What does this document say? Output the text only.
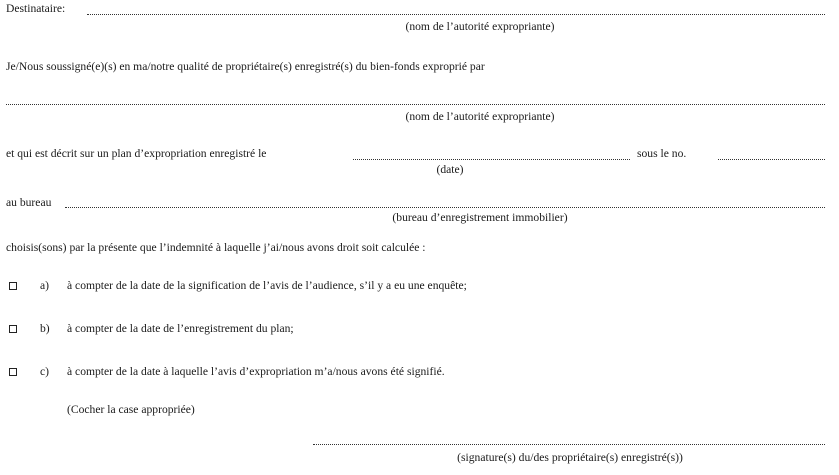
Destinataire:
(nom de l’autorité expropriante)
Je/Nous soussigné(e)(s) en ma/notre qualité de propriétaire(s) enregistré(s) du bien-fonds exproprié par
(nom de l’autorité expropriante)
et qui est décrit sur un plan d’expropriation enregistré le	sous le no.
(date)
au bureau
(bureau d’enregistrement immobilier)
choisis(sons) par la présente que l’indemnité à laquelle j’ai/nous avons droit soit calculée :
a) à compter de la date de la signification de l’avis de l’audience, s’il y a eu une enquête;
b) à compter de la date de l’enregistrement du plan;
c) à compter de la date à laquelle l’avis d’expropriation m’a/nous avons été signifié.
(Cocher la case appropriée)
(signature(s) du/des propriétaire(s) enregistré(s))
